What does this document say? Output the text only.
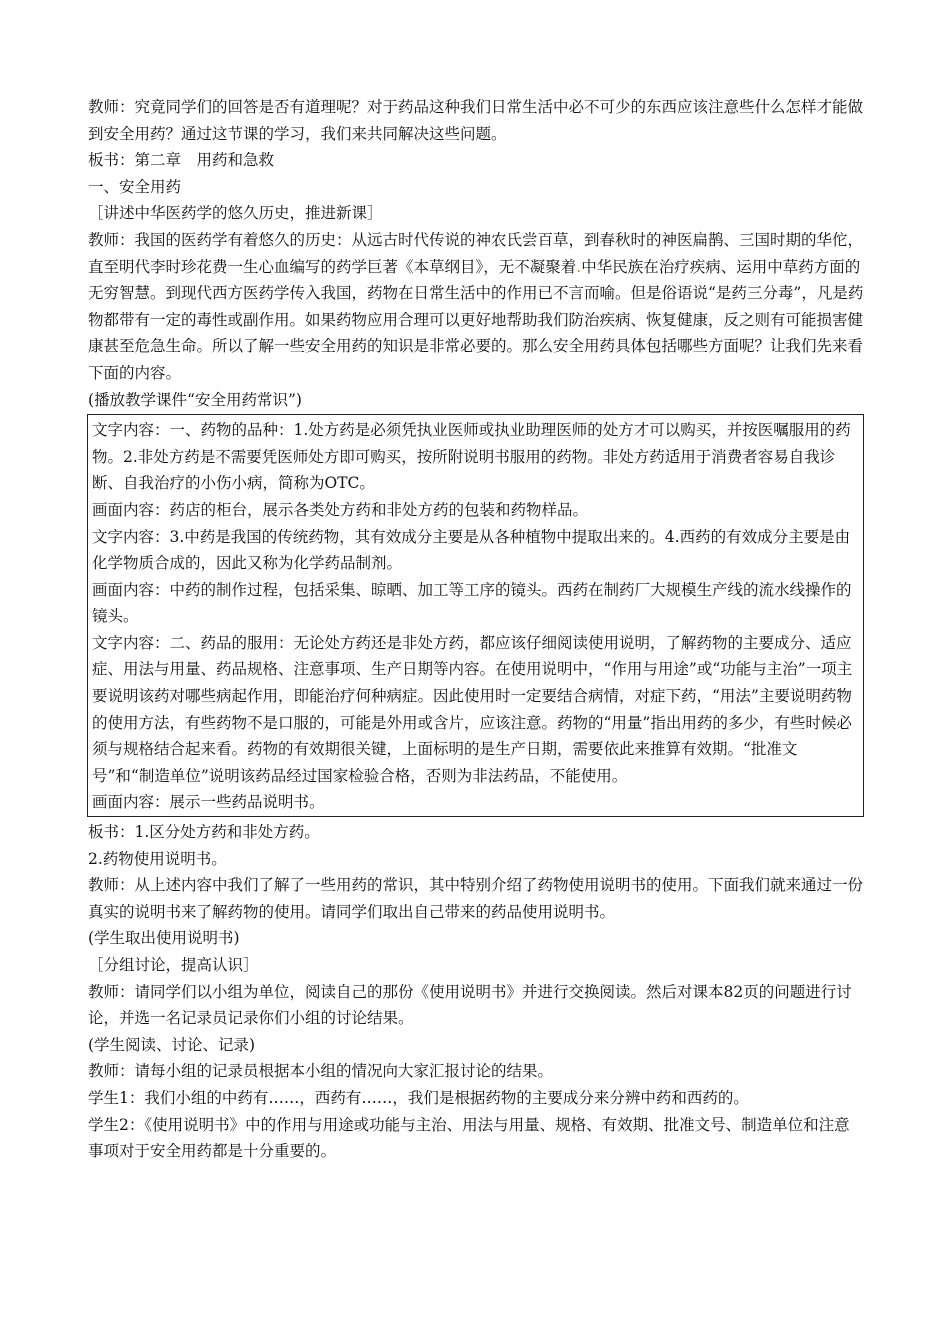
教师：究竟同学们的回答是否有道理呢？对于药品这种我们日常生活中必不可少的东西应该注意些什么怎样才能做到安全用药？通过这节课的学习，我们来共同解决这些问题。

板书：第二章　用药和急救

一、安全用药

［讲述中华医药学的悠久历史，推进新课］

教师：我国的医药学有着悠久的历史：从远古时代传说的神农氏尝百草，到春秋时的神医扁鹊、三国时期的华佗，直至明代李时珍花费一生心血编写的药学巨著《本草纲目》，无不凝聚着.中华民族在治疗疾病、运用中草药方面的无穷智慧。到现代西方医药学传入我国，药物在日常生活中的作用已不言而喻。但是俗语说“是药三分毒”，凡是药物都带有一定的毒性或副作用。如果药物应用合理可以更好地帮助我们防治疾病、恢复健康，反之则有可能损害健康甚至危急生命。所以了解一些安全用药的知识是非常必要的。那么安全用药具体包括哪些方面呢？让我们先来看下面的内容。

(播放教学课件“安全用药常识”)

文字内容：一、药物的品种：1.处方药是必须凭执业医师或执业助理医师的处方才可以购买，并按医嘱服用的药物。2.非处方药是不需要凭医师处方即可购买，按所附说明书服用的药物。非处方药适用于消费者容易自我诊断、自我治疗的小伤小病，简称为OTC。

画面内容：药店的柜台，展示各类处方药和非处方药的包装和药物样品。

文字内容：3.中药是我国的传统药物，其有效成分主要是从各种植物中提取出来的。4.西药的有效成分主要是由化学物质合成的，因此又称为化学药品制剂。

画面内容：中药的制作过程，包括采集、晾晒、加工等工序的镜头。西药在制药厂大规模生产线的流水线操作的镜头。

文字内容：二、药品的服用：无论处方药还是非处方药，都应该仔细阅读使用说明，了解药物的主要成分、适应症、用法与用量、药品规格、注意事项、生产日期等内容。在使用说明中，“作用与用途”或“功能与主治”一项主要说明该药对哪些病起作用，即能治疗何种病症。因此使用时一定要结合病情，对症下药，“用法”主要说明药物的使用方法，有些药物不是口服的，可能是外用或含片，应该注意。药物的“用量”指出用药的多少，有些时候必须与规格结合起来看。药物的有效期很关键，上面标明的是生产日期，需要依此来推算有效期。“批准文号”和“制造单位”说明该药品经过国家检验合格，否则为非法药品，不能使用。

画面内容：展示一些药品说明书。

板书：1.区分处方药和非处方药。

2.药物使用说明书。

教师：从上述内容中我们了解了一些用药的常识，其中特别介绍了药物使用说明书的使用。下面我们就来通过一份真实的说明书来了解药物的使用。请同学们取出自己带来的药品使用说明书。

(学生取出使用说明书)

［分组讨论，提高认识］

教师：请同学们以小组为单位，阅读自己的那份《使用说明书》并进行交换阅读。然后对课本82页的问题进行讨论，并选一名记录员记录你们小组的讨论结果。

(学生阅读、讨论、记录)

教师：请每小组的记录员根据本小组的情况向大家汇报讨论的结果。

学生1：我们小组的中药有……，西药有……，我们是根据药物的主要成分来分辨中药和西药的。

学生2：《使用说明书》中的作用与用途或功能与主治、用法与用量、规格、有效期、批准文号、制造单位和注意事项对于安全用药都是十分重要的。
